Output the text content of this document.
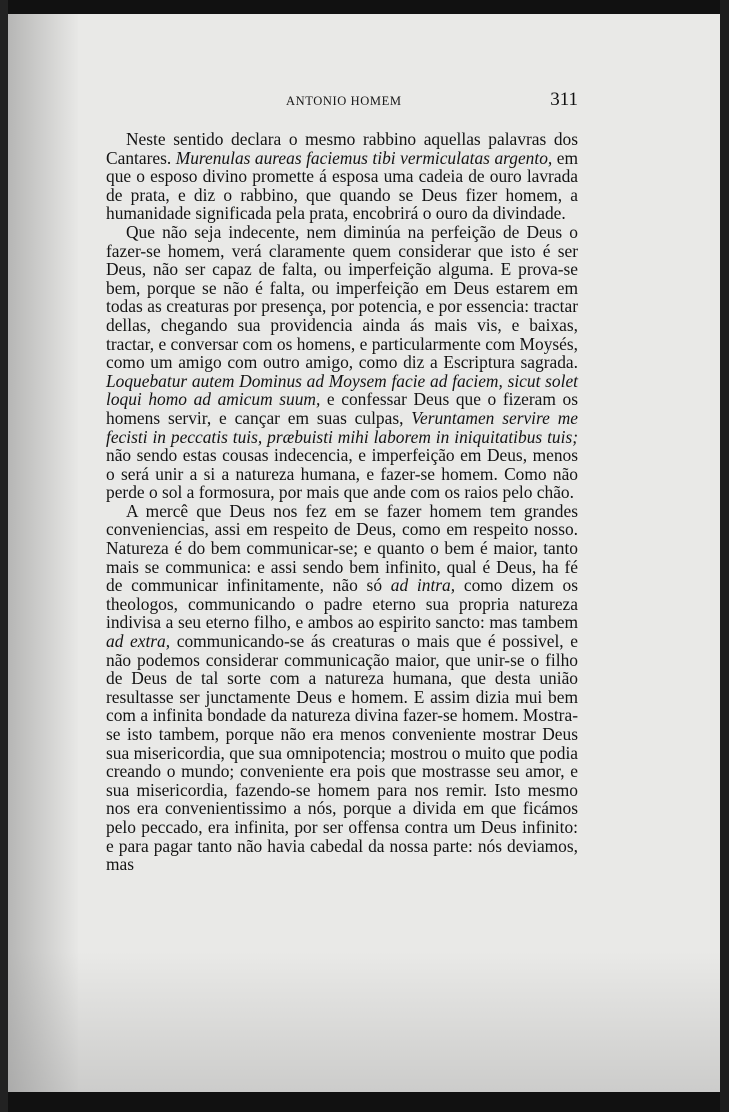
ANTONIO HOMEM	311

Neste sentido declara o mesmo rabbino aquellas palavras dos Cantares. Murenulas aureas faciemus tibi vermiculatas argento, em que o esposo divino promette á esposa uma cadeia de ouro lavrada de prata, e diz o rabbino, que quando se Deus fizer homem, a humanidade significada pela prata, encobrirá o ouro da divindade.

Que não seja indecente, nem diminúa na perfeição de Deus o fazer-se homem, verá claramente quem considerar que isto é ser Deus, não ser capaz de falta, ou imperfeição alguma. E prova-se bem, porque se não é falta, ou imperfeição em Deus estarem em todas as creaturas por presença, por potencia, e por essencia: tractar dellas, chegando sua providencia ainda ás mais vis, e baixas, tractar, e conversar com os homens, e particularmente com Moysés, como um amigo com outro amigo, como diz a Escriptura sagrada. Loquebatur autem Dominus ad Moysem facie ad faciem, sicut solet loqui homo ad amicum suum, e confessar Deus que o fizeram os homens servir, e cançar em suas culpas, Veruntamen servire me fecisti in peccatis tuis, præbuisti mihi laborem in iniquitatibus tuis; não sendo estas cousas indecencia, e imperfeição em Deus, menos o será unir a si a natureza humana, e fazer-se homem. Como não perde o sol a formosura, por mais que ande com os raios pelo chão.

A mercê que Deus nos fez em se fazer homem tem grandes conveniencias, assi em respeito de Deus, como em respeito nosso. Natureza é do bem communicar-se; e quanto o bem é maior, tanto mais se communica: e assi sendo bem infinito, qual é Deus, ha fé de communicar infinitamente, não só ad intra, como dizem os theologos, communicando o padre eterno sua propria natureza indivisa a seu eterno filho, e ambos ao espirito sancto: mas tambem ad extra, communicando-se ás creaturas o mais que é possivel, e não podemos considerar communicação maior, que unir-se o filho de Deus de tal sorte com a natureza humana, que desta união resultasse ser junctamente Deus e homem. E assim dizia mui bem com a infinita bondade da natureza divina fazer-se homem. Mostra-se isto tambem, porque não era menos conveniente mostrar Deus sua misericordia, que sua omnipotencia; mostrou o muito que podia creando o mundo; conveniente era pois que mostrasse seu amor, e sua misericordia, fazendo-se homem para nos remir. Isto mesmo nos era convenientissimo a nós, porque a divida em que ficámos pelo peccado, era infinita, por ser offensa contra um Deus infinito: e para pagar tanto não havia cabedal da nossa parte: nós deviamos, mas
